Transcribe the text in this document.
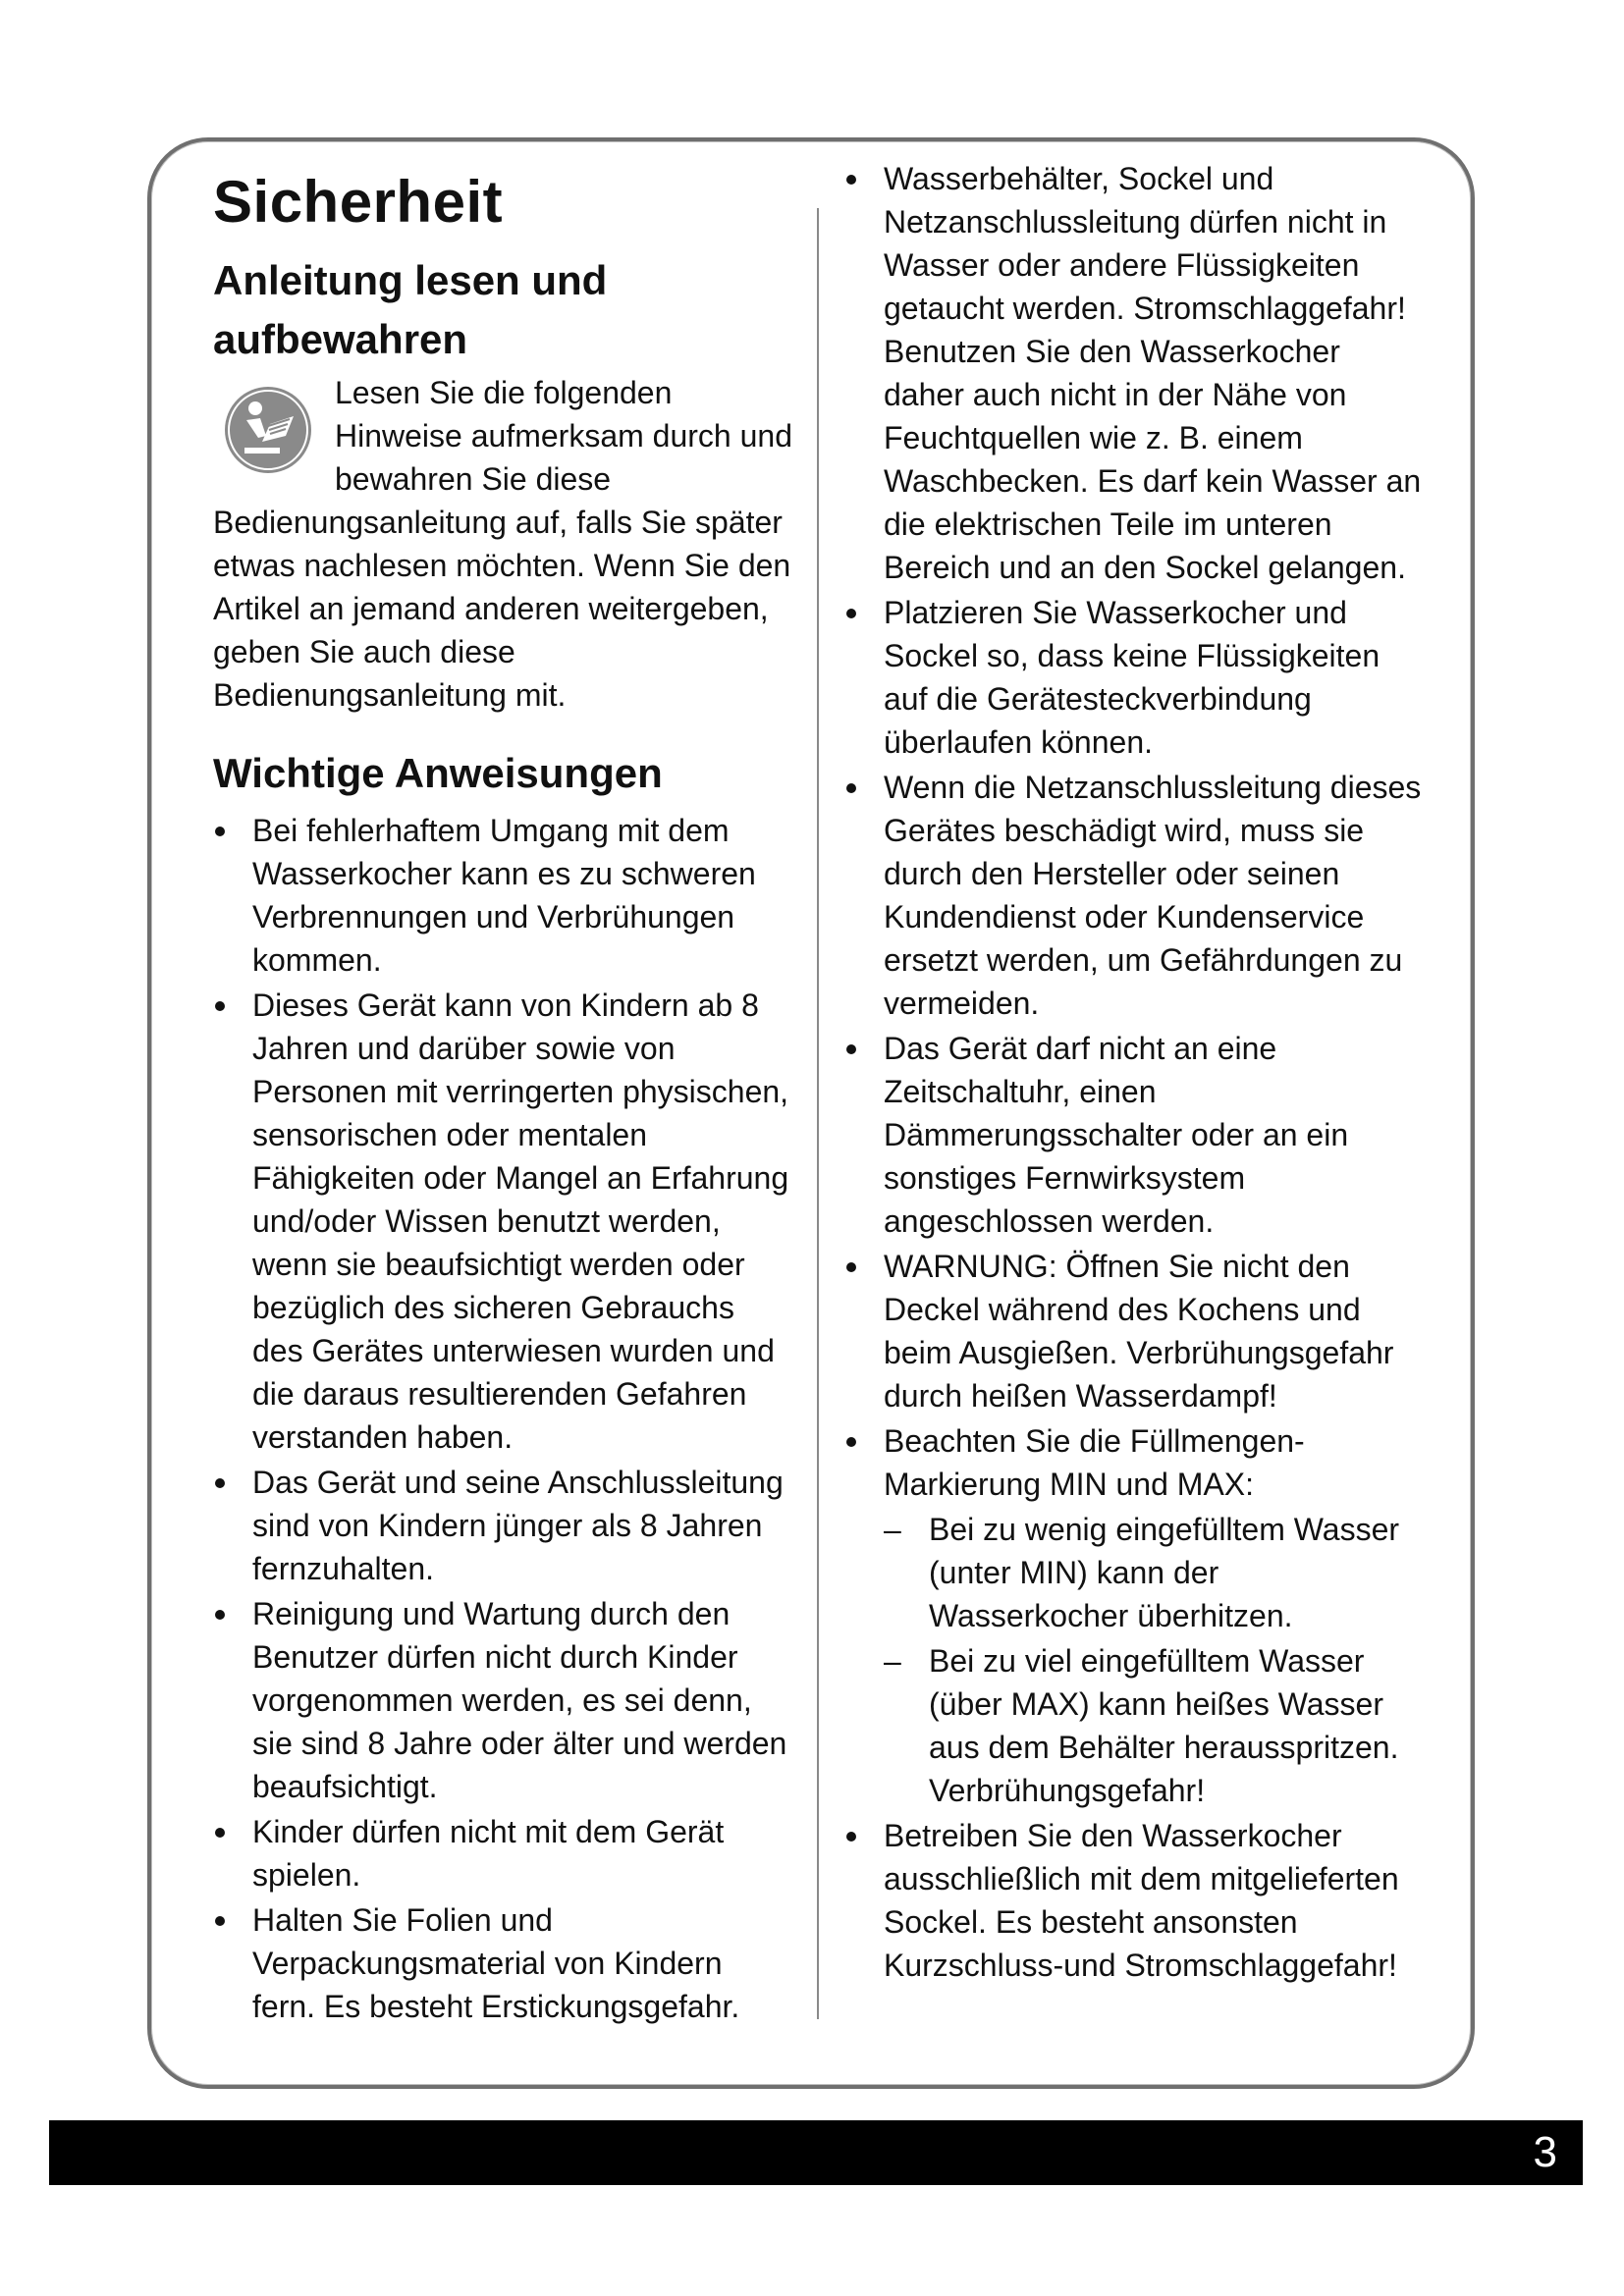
Sicherheit
Anleitung lesen und aufbewahren

Lesen Sie die folgenden Hinweise aufmerksam durch und bewahren Sie diese Bedienungsanleitung auf, falls Sie später etwas nachlesen möchten. Wenn Sie den Artikel an jemand anderen weitergeben, geben Sie auch diese Bedienungsanleitung mit.

Wichtige Anweisungen
Bei fehlerhaftem Umgang mit dem Wasserkocher kann es zu schweren Verbrennungen und Verbrühungen kommen.
Dieses Gerät kann von Kindern ab 8 Jahren und darüber sowie von Personen mit verringerten physischen, sensorischen oder mentalen Fähigkeiten oder Mangel an Erfahrung und/oder Wissen benutzt werden, wenn sie beaufsichtigt werden oder bezüglich des sicheren Gebrauchs des Gerätes unterwiesen wurden und die daraus resultierenden Gefahren verstanden haben.
Das Gerät und seine Anschlussleitung sind von Kindern jünger als 8 Jahren fernzuhalten.
Reinigung und Wartung durch den Benutzer dürfen nicht durch Kinder vorgenommen werden, es sei denn, sie sind 8 Jahre oder älter und werden beaufsichtigt.
Kinder dürfen nicht mit dem Gerät spielen.
Halten Sie Folien und Verpackungsmaterial von Kindern fern. Es besteht Erstickungsgefahr.
Wasserbehälter, Sockel und Netzanschlussleitung dürfen nicht in Wasser oder andere Flüssigkeiten getaucht werden. Stromschlaggefahr! Benutzen Sie den Wasserkocher daher auch nicht in der Nähe von Feuchtquellen wie z. B. einem Waschbecken. Es darf kein Wasser an die elektrischen Teile im unteren Bereich und an den Sockel gelangen.
Platzieren Sie Wasserkocher und Sockel so, dass keine Flüssigkeiten auf die Gerätesteckverbindung überlaufen können.
Wenn die Netzanschlussleitung dieses Gerätes beschädigt wird, muss sie durch den Hersteller oder seinen Kundendienst oder Kundenservice ersetzt werden, um Gefährdungen zu vermeiden.
Das Gerät darf nicht an eine Zeitschaltuhr, einen Dämmerungsschalter oder an ein sonstiges Fernwirksystem angeschlossen werden.
WARNUNG: Öffnen Sie nicht den Deckel während des Kochens und beim Ausgießen. Verbrühungsgefahr durch heißen Wasserdampf!
Beachten Sie die Füllmengen-Markierung MIN und MAX:
– Bei zu wenig eingefülltem Wasser (unter MIN) kann der Wasserkocher überhitzen.
– Bei zu viel eingefülltem Wasser (über MAX) kann heißes Wasser aus dem Behälter herausspritzen. Verbrühungsgefahr!
Betreiben Sie den Wasserkocher ausschließlich mit dem mitgelieferten Sockel. Es besteht ansonsten Kurzschluss-und Stromschlaggefahr!
3
